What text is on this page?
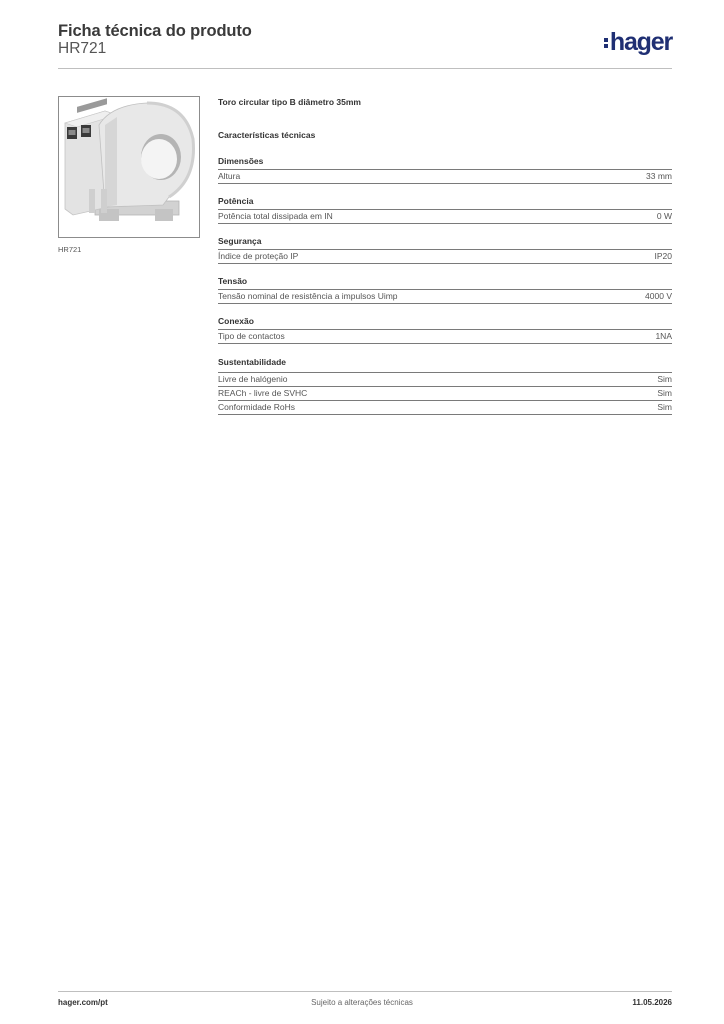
Ficha técnica do produto
HR721	hager
HR721
Toro circular tipo B diâmetro 35mm
Características técnicas
Dimensões
Altura	33 mm
Potência
Potência total dissipada em IN	0 W
Segurança
Índice de proteção IP	IP20
Tensão
Tensão nominal de resistência a impulsos Uimp	4000 V
Conexão
Tipo de contactos	1NA
Sustentabilidade
Livre de halógenio	Sim
REACh - livre de SVHC	Sim
Conformidade RoHs	Sim
hager.com/pt	Sujeito a alterações técnicas	11.05.2026
